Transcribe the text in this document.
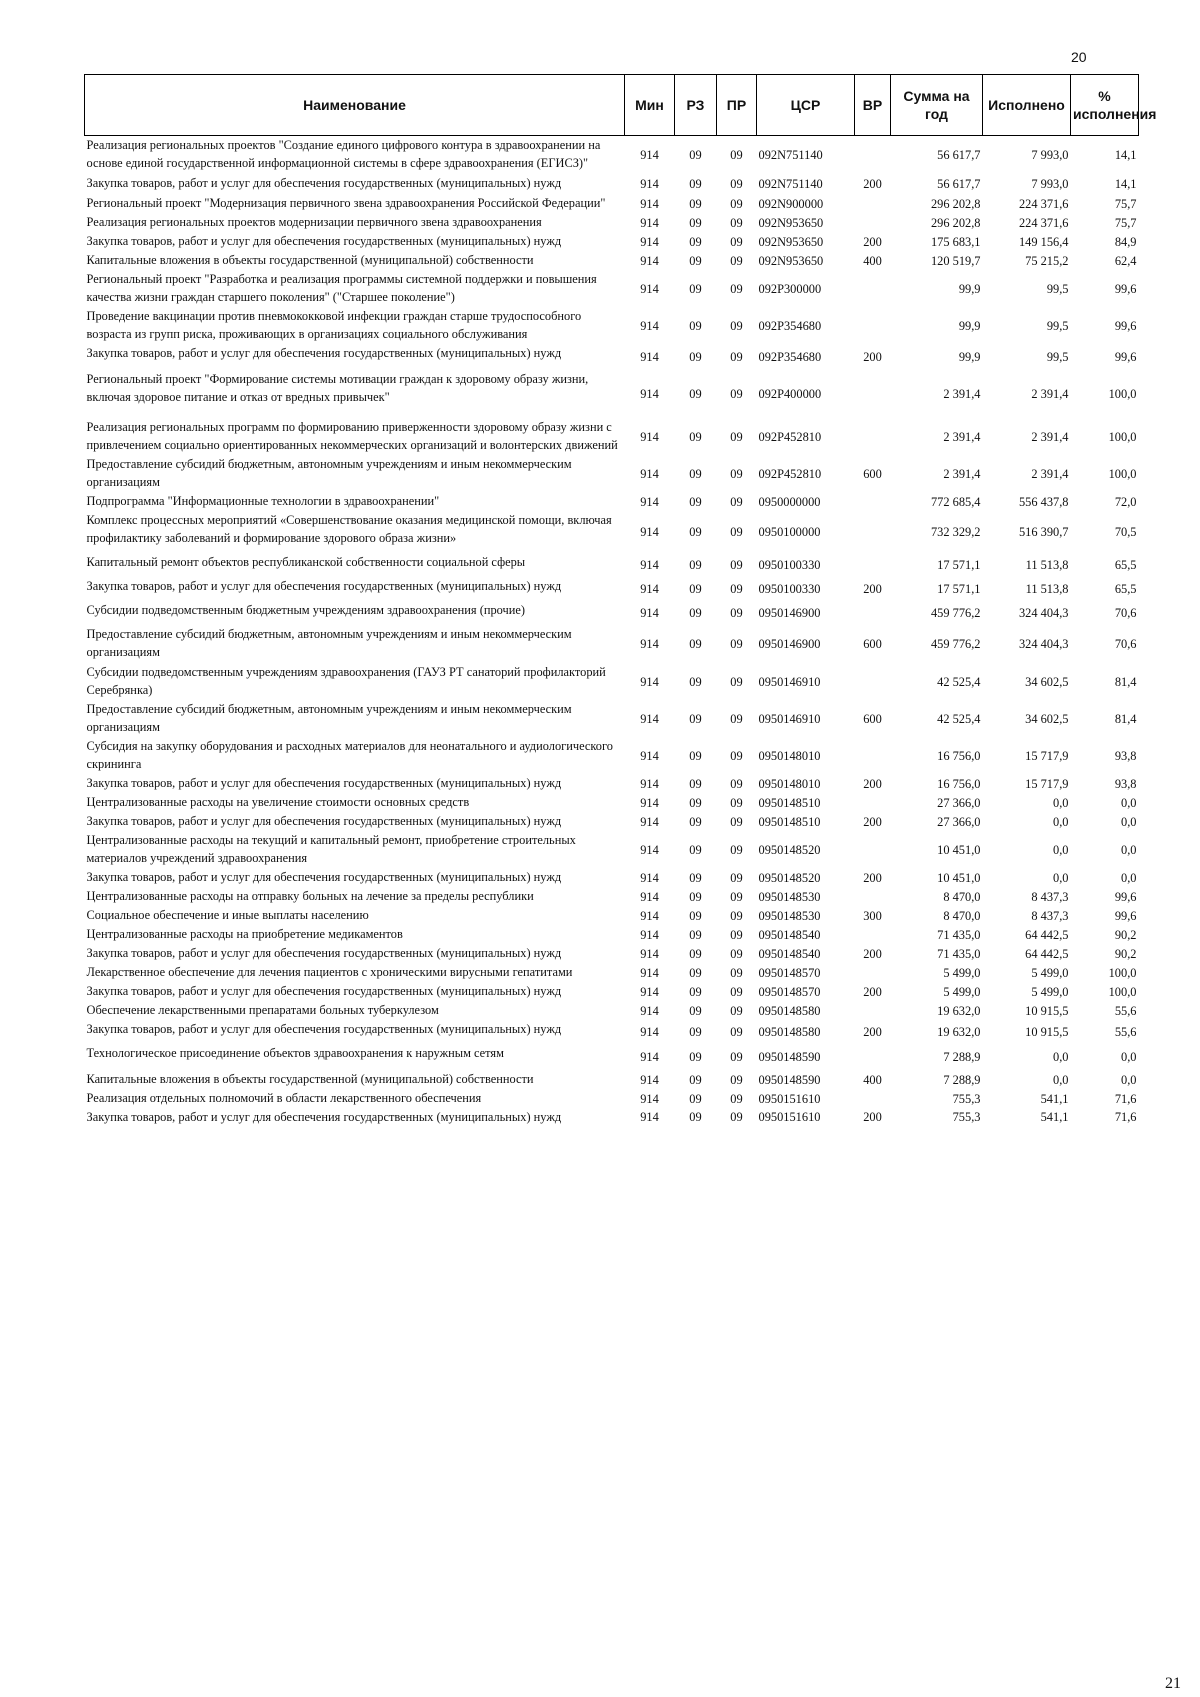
20
Наименование	Мин	РЗ	ПР	ЦСР	ВР	Сумма на год	Исполнено	% исполнения
Реализация региональных проектов "Создание единого цифрового контура в здравоохранении на основе единой государственной информационной системы в сфере здравоохранения (ЕГИСЗ)"	914	09	09	092N751140		56 617,7	7 993,0	14,1
Закупка товаров, работ и услуг для обеспечения государственных (муниципальных) нужд	914	09	09	092N751140	200	56 617,7	7 993,0	14,1
Региональный проект "Модернизация первичного звена здравоохранения Российской Федерации"	914	09	09	092N900000		296 202,8	224 371,6	75,7
Реализация региональных проектов модернизации первичного звена здравоохранения	914	09	09	092N953650		296 202,8	224 371,6	75,7
Закупка товаров, работ и услуг для обеспечения государственных (муниципальных) нужд	914	09	09	092N953650	200	175 683,1	149 156,4	84,9
Капитальные вложения в объекты государственной (муниципальной) собственности	914	09	09	092N953650	400	120 519,7	75 215,2	62,4
Региональный проект "Разработка и реализация программы системной поддержки и повышения качества жизни граждан старшего поколения" ("Старшее поколение")	914	09	09	092P300000		99,9	99,5	99,6
Проведение вакцинации против пневмококковой инфекции граждан старше трудоспособного возраста из групп риска, проживающих в организациях социального обслуживания	914	09	09	092P354680		99,9	99,5	99,6
Закупка товаров, работ и услуг для обеспечения государственных (муниципальных) нужд	914	09	09	092P354680	200	99,9	99,5	99,6
Региональный проект "Формирование системы мотивации граждан к здоровому образу жизни, включая здоровое питание и отказ от вредных привычек"	914	09	09	092P400000		2 391,4	2 391,4	100,0
Реализация региональных программ по формированию приверженности здоровому образу жизни с привлечением социально ориентированных некоммерческих организаций и волонтерских движений	914	09	09	092P452810		2 391,4	2 391,4	100,0
Предоставление субсидий бюджетным, автономным учреждениям и иным некоммерческим организациям	914	09	09	092P452810	600	2 391,4	2 391,4	100,0
Подпрограмма "Информационные технологии в здравоохранении"	914	09	09	0950000000		772 685,4	556 437,8	72,0
Комплекс процессных мероприятий «Совершенствование оказания медицинской помощи, включая профилактику заболеваний и формирование здорового образа жизни»	914	09	09	0950100000		732 329,2	516 390,7	70,5
Капитальный ремонт объектов республиканской собственности социальной сферы	914	09	09	0950100330		17 571,1	11 513,8	65,5
Закупка товаров, работ и услуг для обеспечения государственных (муниципальных) нужд	914	09	09	0950100330	200	17 571,1	11 513,8	65,5
Субсидии подведомственным бюджетным учреждениям здравоохранения (прочие)	914	09	09	0950146900		459 776,2	324 404,3	70,6
Предоставление субсидий бюджетным, автономным учреждениям и иным некоммерческим организациям	914	09	09	0950146900	600	459 776,2	324 404,3	70,6
Субсидии подведомственным учреждениям здравоохранения (ГАУЗ РТ санаторий профилакторий Серебрянка)	914	09	09	0950146910		42 525,4	34 602,5	81,4
Предоставление субсидий бюджетным, автономным учреждениям и иным некоммерческим организациям	914	09	09	0950146910	600	42 525,4	34 602,5	81,4
Субсидия на закупку оборудования и расходных материалов для неонатального и аудиологического скрининга	914	09	09	0950148010		16 756,0	15 717,9	93,8
Закупка товаров, работ и услуг для обеспечения государственных (муниципальных) нужд	914	09	09	0950148010	200	16 756,0	15 717,9	93,8
Централизованные расходы на увеличение стоимости основных средств	914	09	09	0950148510		27 366,0	0,0	0,0
Закупка товаров, работ и услуг для обеспечения государственных (муниципальных) нужд	914	09	09	0950148510	200	27 366,0	0,0	0,0
Централизованные расходы на текущий и капитальный ремонт, приобретение строительных материалов учреждений здравоохранения	914	09	09	0950148520		10 451,0	0,0	0,0
Закупка товаров, работ и услуг для обеспечения государственных (муниципальных) нужд	914	09	09	0950148520	200	10 451,0	0,0	0,0
Централизованные расходы на отправку больных на лечение за пределы республики	914	09	09	0950148530		8 470,0	8 437,3	99,6
Социальное обеспечение и иные выплаты населению	914	09	09	0950148530	300	8 470,0	8 437,3	99,6
Централизованные расходы на приобретение медикаментов	914	09	09	0950148540		71 435,0	64 442,5	90,2
Закупка товаров, работ и услуг для обеспечения государственных (муниципальных) нужд	914	09	09	0950148540	200	71 435,0	64 442,5	90,2
Лекарственное обеспечение для лечения пациентов с хроническими вирусными гепатитами	914	09	09	0950148570		5 499,0	5 499,0	100,0
Закупка товаров, работ и услуг для обеспечения государственных (муниципальных) нужд	914	09	09	0950148570	200	5 499,0	5 499,0	100,0
Обеспечение лекарственными препаратами больных туберкулезом	914	09	09	0950148580		19 632,0	10 915,5	55,6
Закупка товаров, работ и услуг для обеспечения государственных (муниципальных) нужд	914	09	09	0950148580	200	19 632,0	10 915,5	55,6
Технологическое присоединение объектов здравоохранения к наружным сетям	914	09	09	0950148590		7 288,9	0,0	0,0
Капитальные вложения в объекты государственной (муниципальной) собственности	914	09	09	0950148590	400	7 288,9	0,0	0,0
Реализация отдельных полномочий в области лекарственного обеспечения	914	09	09	0950151610		755,3	541,1	71,6
Закупка товаров, работ и услуг для обеспечения государственных (муниципальных) нужд	914	09	09	0950151610	200	755,3	541,1	71,6
21
